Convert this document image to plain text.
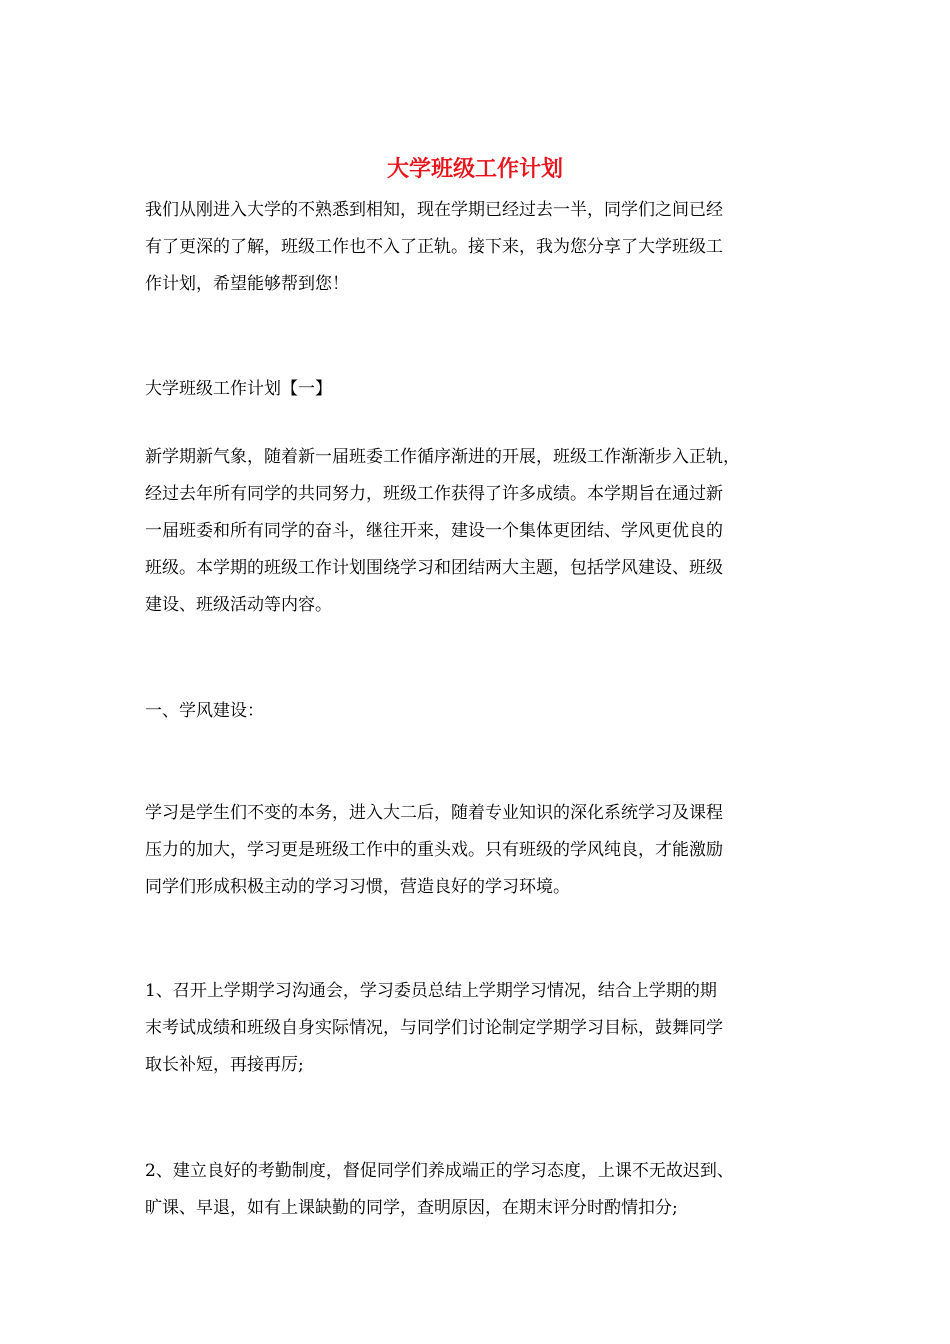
大学班级工作计划

我们从刚进入大学的不熟悉到相知，现在学期已经过去一半，同学们之间已经
有了更深的了解，班级工作也不入了正轨。接下来，我为您分享了大学班级工
作计划，希望能够帮到您！

大学班级工作计划【一】

新学期新气象，随着新一届班委工作循序渐进的开展，班级工作渐渐步入正轨，
经过去年所有同学的共同努力，班级工作获得了许多成绩。本学期旨在通过新
一届班委和所有同学的奋斗，继往开来，建设一个集体更团结、学风更优良的
班级。本学期的班级工作计划围绕学习和团结两大主题，包括学风建设、班级
建设、班级活动等内容。

一、学风建设：

学习是学生们不变的本务，进入大二后，随着专业知识的深化系统学习及课程
压力的加大，学习更是班级工作中的重头戏。只有班级的学风纯良，才能激励
同学们形成积极主动的学习习惯，营造良好的学习环境。

1、召开上学期学习沟通会，学习委员总结上学期学习情况，结合上学期的期
末考试成绩和班级自身实际情况，与同学们讨论制定学期学习目标，鼓舞同学
取长补短，再接再厉;

2、建立良好的考勤制度，督促同学们养成端正的学习态度，上课不无故迟到、
旷课、早退，如有上课缺勤的同学，查明原因，在期末评分时酌情扣分;
